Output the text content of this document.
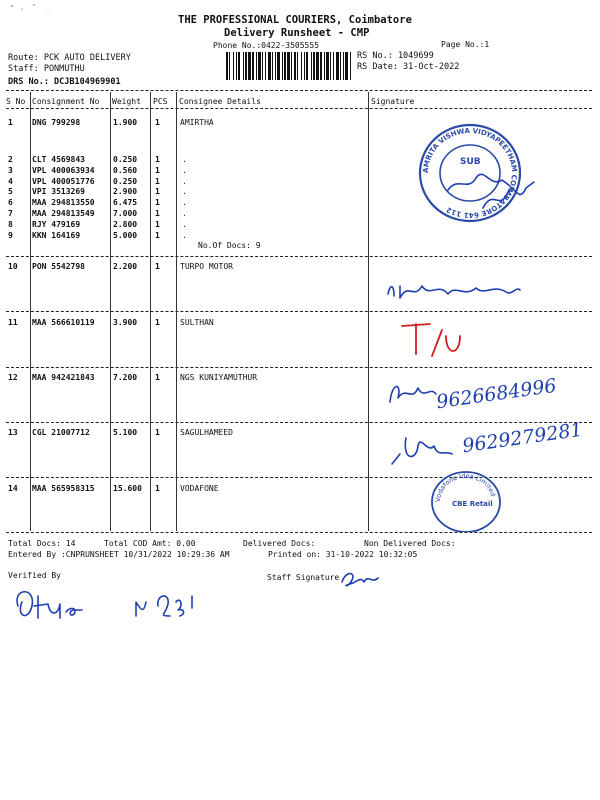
THE PROFESSIONAL COURIERS, Coimbatore
Delivery Runsheet - CMP
Phone No.:0422-3505555	Page No.:1
Route: PCK AUTO DELIVERY
Staff: PONMUTHU
DRS No.: DCJB104969901
RS No.: 1049699
RS Date: 31-Oct-2022
S No Consignment No Weight PCS Consignee Details	Signature
1 DNG 799298	1.900 1	AMIRTHA
2 CLT 4569843	0.250 1	.
3 VPL 400063934 0.560 1	.
4 VPL 400051776 0.250 1	.
5 VPI 3513269	2.900 1	.
6 MAA 294813550 6.475 1	.
7 MAA 294813549 7.000 1	.
8 RJY 479169	2.800 1	.
9 KKN 164169	5.000 1	.
No.Of Docs: 9
10 PON 5542798	2.200 1	TURPO MOTOR
11 MAA 566610119 3.900 1	SULTHAN
12 MAA 942421843 7.200 1	NGS KUNIYAMUTHUR
13 CGL 21007712	5.100 1	SAGULHAMEED
14 MAA 565958315 15.600 1	VODAFONE
Total Docs: 14	Total COD Amt: 0.00	Delivered Docs:	Non Delivered Docs:
Entered By :CNPRUNSHEET 10/31/2022 10:29:36 AM	Printed on: 31-10-2022 10:32:05
Verified By	Staff Signature
AMRITA VISHWA VIDYAPEETHAM COIMBATORE 641 112
SUB
9626684996
9629279281
Vodafone Idea Limited
CBE Retail
